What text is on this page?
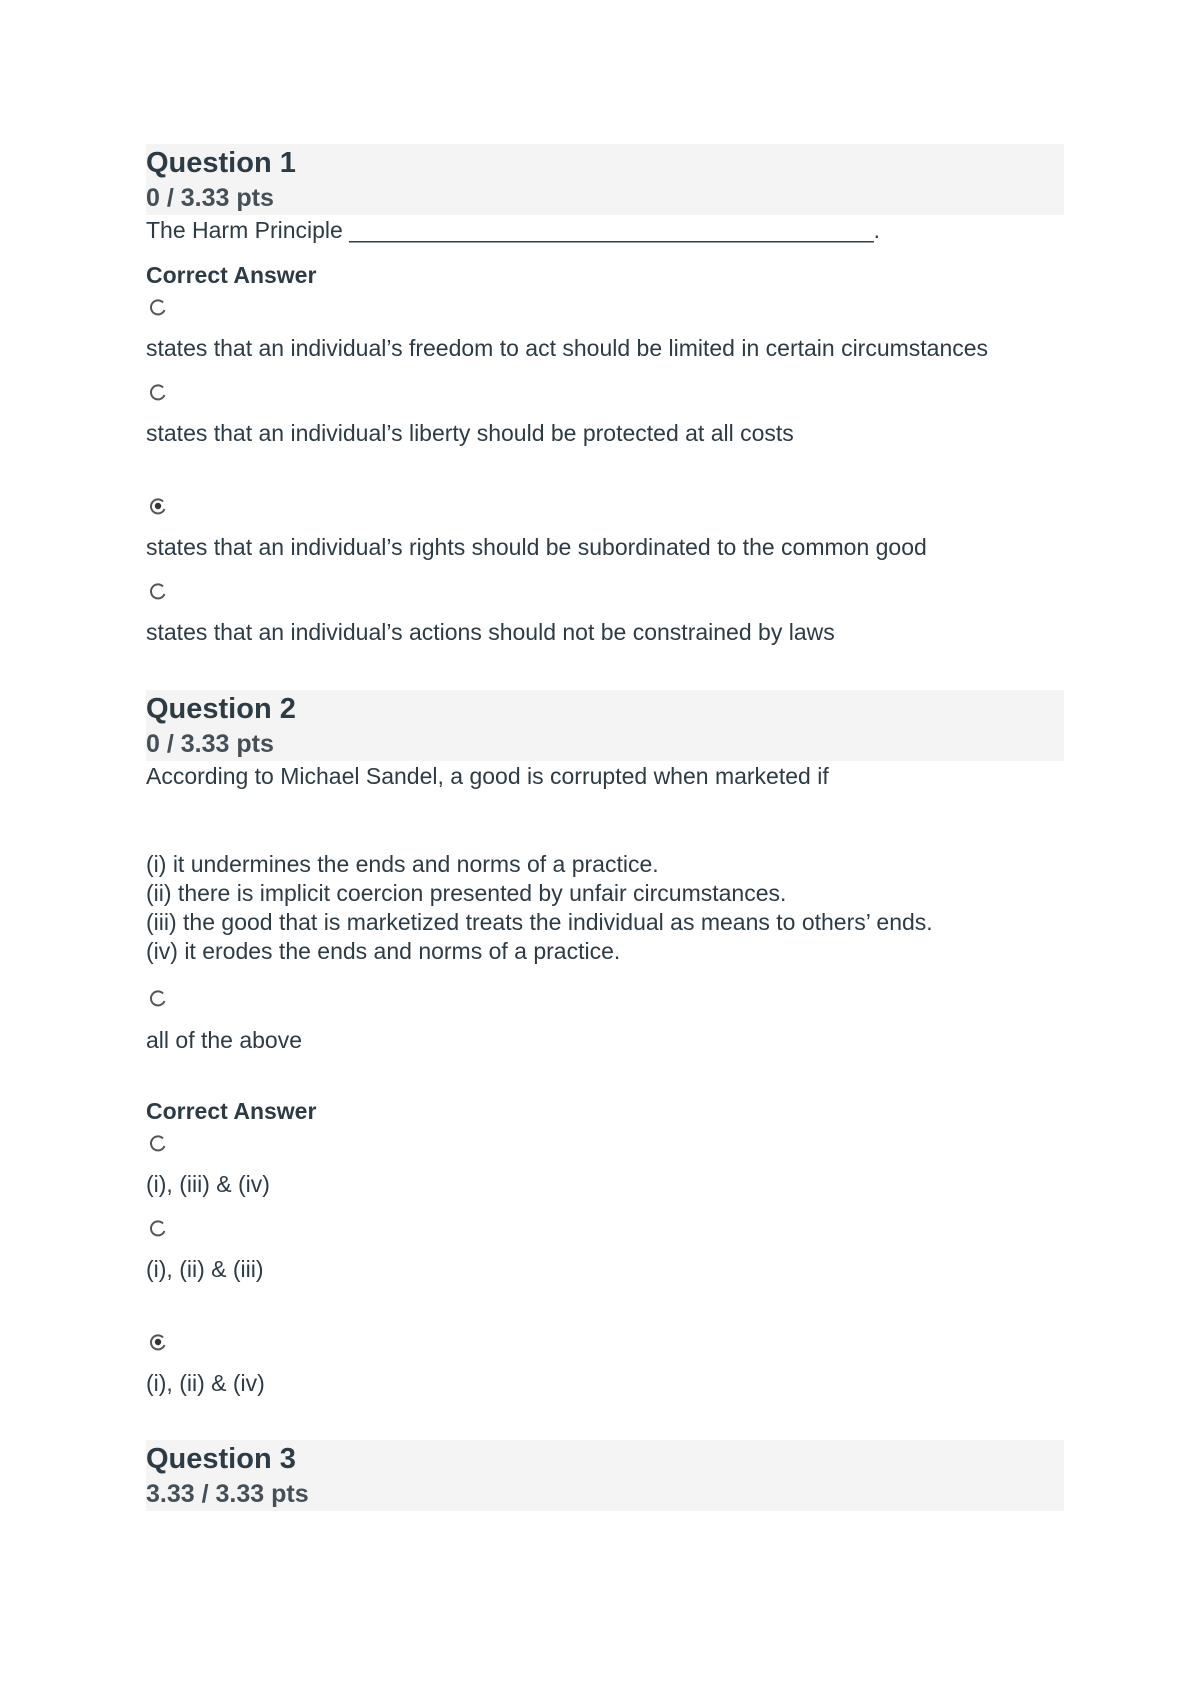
Question 1
0 / 3.33 pts
The Harm Principle _________________________________________.
Correct Answer
states that an individual’s freedom to act should be limited in certain circumstances
states that an individual’s liberty should be protected at all costs
states that an individual’s rights should be subordinated to the common good
states that an individual’s actions should not be constrained by laws
Question 2
0 / 3.33 pts
According to Michael Sandel, a good is corrupted when marketed if
(i) it undermines the ends and norms of a practice.
(ii) there is implicit coercion presented by unfair circumstances.
(iii) the good that is marketized treats the individual as means to others’ ends.
(iv) it erodes the ends and norms of a practice.
all of the above
Correct Answer
(i), (iii) & (iv)
(i), (ii) & (iii)
(i), (ii) & (iv)
Question 3
3.33 / 3.33 pts
